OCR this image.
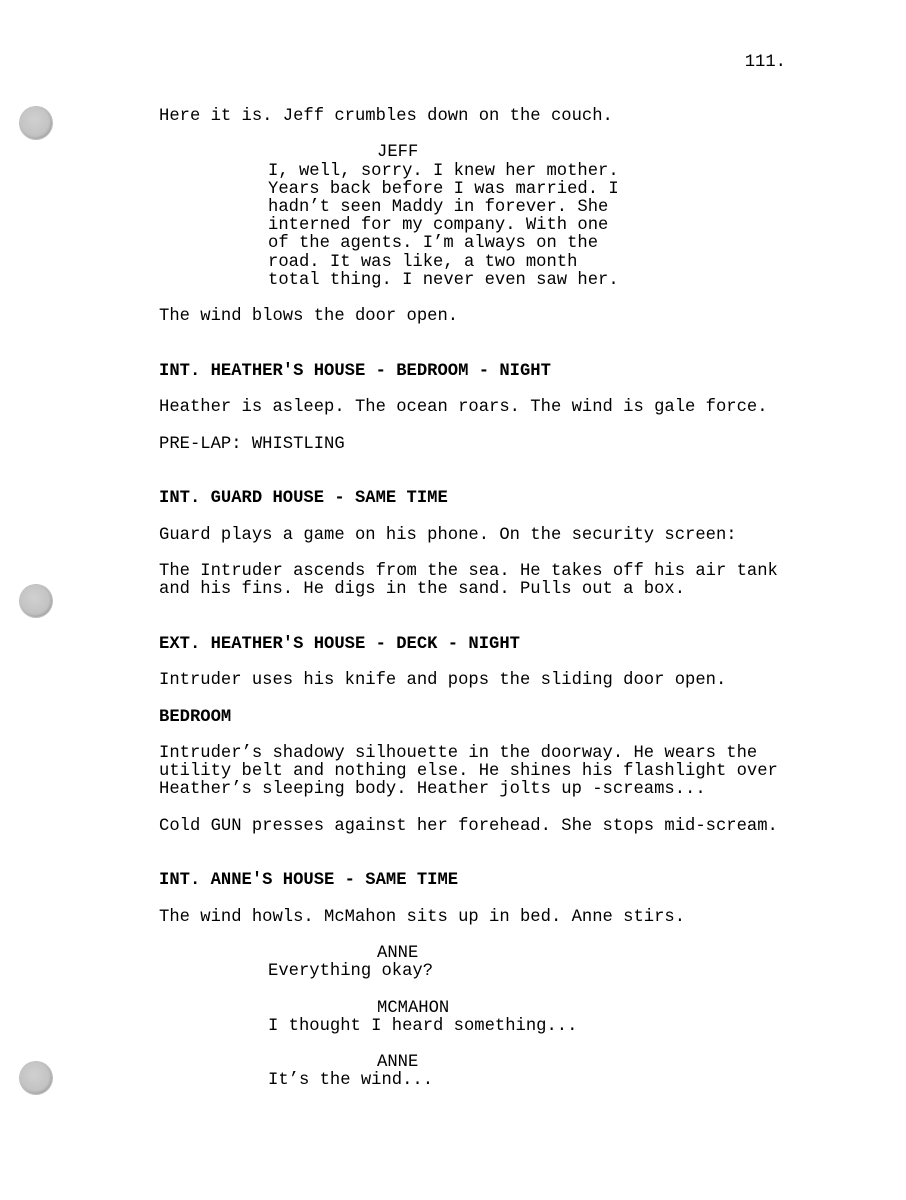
111.

Here it is. Jeff crumbles down on the couch.

JEFF

I, well, sorry. I knew her mother.
Years back before I was married. I
hadn’t seen Maddy in forever. She
interned for my company. With one
of the agents. I’m always on the
road. It was like, a two month
total thing. I never even saw her.

The wind blows the door open.

INT. HEATHER'S HOUSE - BEDROOM - NIGHT

Heather is asleep. The ocean roars. The wind is gale force.

PRE-LAP: WHISTLING

INT. GUARD HOUSE - SAME TIME

Guard plays a game on his phone. On the security screen:

The Intruder ascends from the sea. He takes off his air tank
and his fins. He digs in the sand. Pulls out a box.

EXT. HEATHER'S HOUSE - DECK - NIGHT

Intruder uses his knife and pops the sliding door open.

BEDROOM

Intruder’s shadowy silhouette in the doorway. He wears the
utility belt and nothing else. He shines his flashlight over
Heather’s sleeping body. Heather jolts up -screams...

Cold GUN presses against her forehead. She stops mid-scream.

INT. ANNE'S HOUSE - SAME TIME

The wind howls. McMahon sits up in bed. Anne stirs.

ANNE

Everything okay?

MCMAHON

I thought I heard something...

ANNE

It’s the wind...
